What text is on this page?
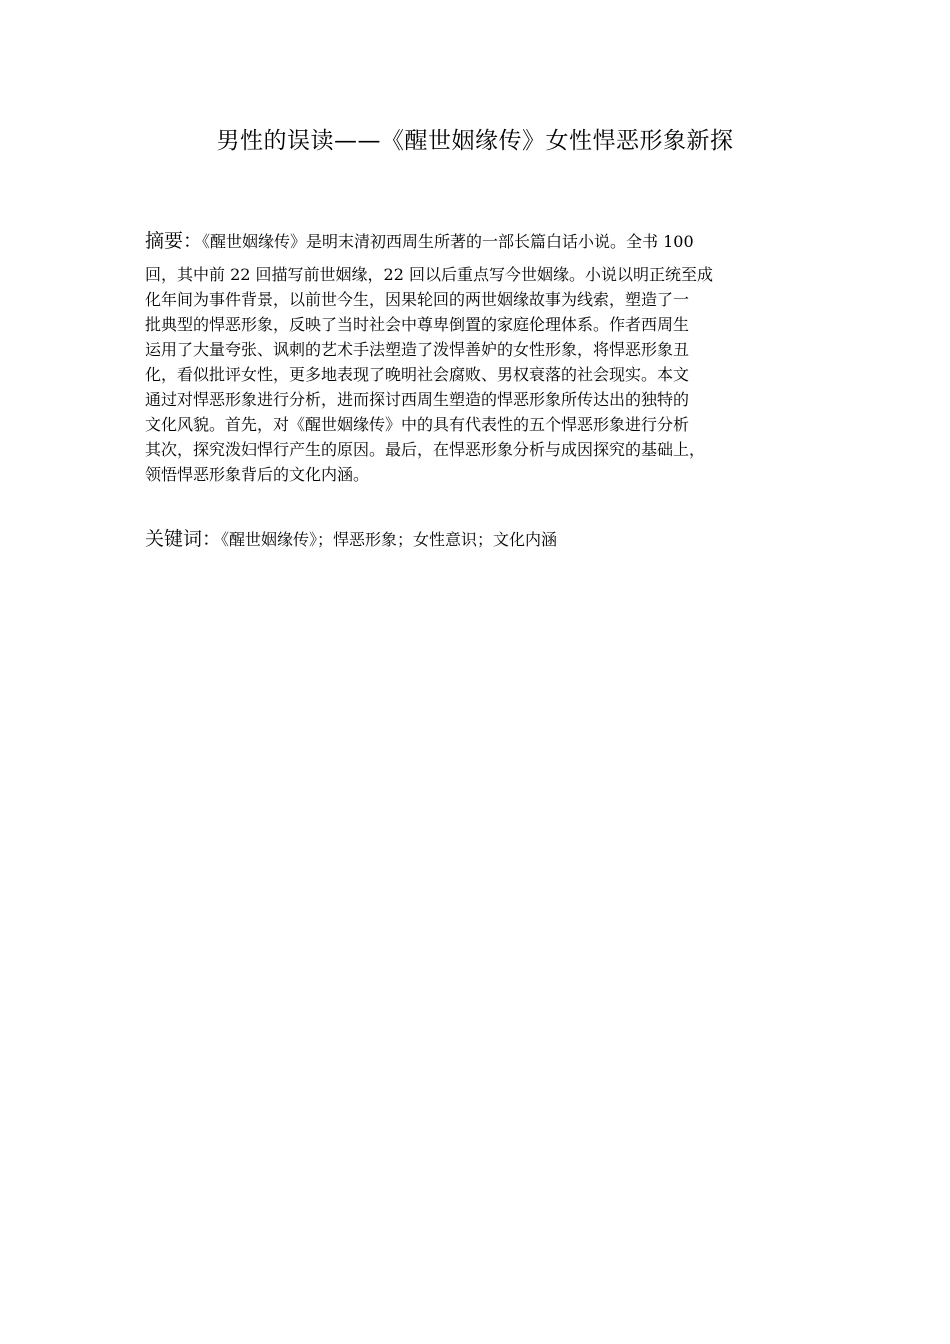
男性的误读——《醒世姻缘传》女性悍恶形象新探
摘要：《醒世姻缘传》是明末清初西周生所著的一部长篇白话小说。全书 100
回，其中前 22 回描写前世姻缘，22 回以后重点写今世姻缘。小说以明正统至成
化年间为事件背景，以前世今生，因果轮回的两世姻缘故事为线索，塑造了一
批典型的悍恶形象，反映了当时社会中尊卑倒置的家庭伦理体系。作者西周生
运用了大量夸张、讽刺的艺术手法塑造了泼悍善妒的女性形象，将悍恶形象丑
化，看似批评女性，更多地表现了晚明社会腐败、男权衰落的社会现实。本文
通过对悍恶形象进行分析，进而探讨西周生塑造的悍恶形象所传达出的独特的
文化风貌。首先，对《醒世姻缘传》中的具有代表性的五个悍恶形象进行分析
其次，探究泼妇悍行产生的原因。最后，在悍恶形象分析与成因探究的基础上，
领悟悍恶形象背后的文化内涵。
关键词：《醒世姻缘传》；悍恶形象；女性意识；文化内涵
